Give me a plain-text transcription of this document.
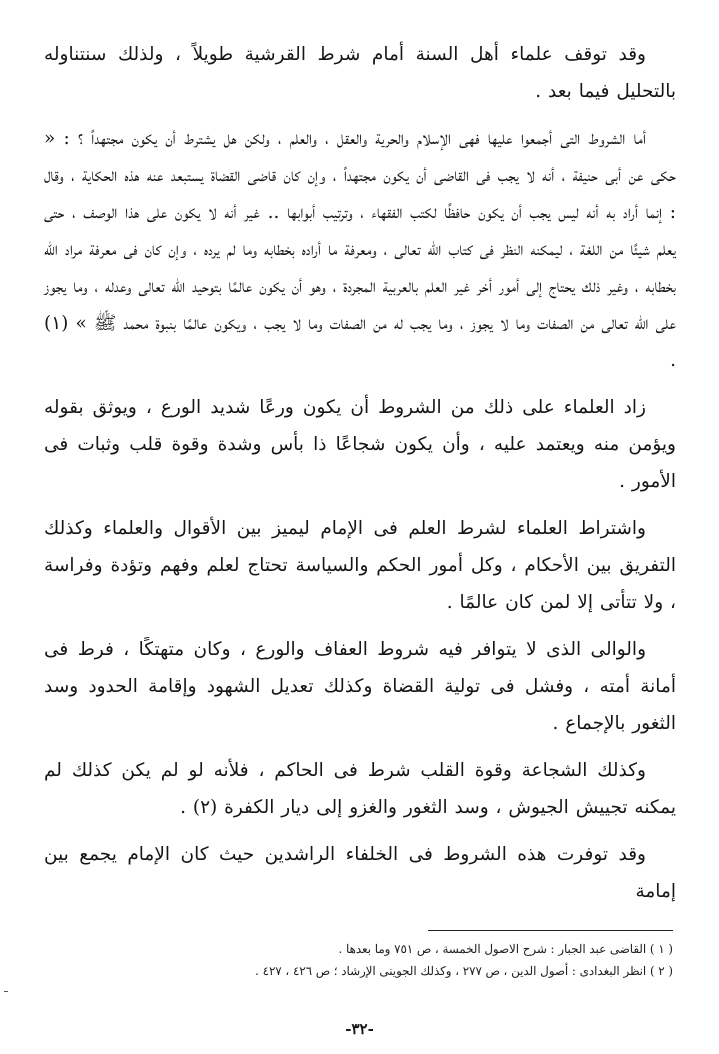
وقد توقف علماء أهل السنة أمام شرط القرشية طويلاً ، ولذلك سنتناوله بالتحليل فيما بعد .

أما الشروط التى أجمعوا عليها فهى الإسلام والحرية والعقل ، والعلم ، ولكن هل يشترط أن يكون مجتهداً ؟ : « حكى عن أبى حنيفة ، أنه لا يجب فى القاضى أن يكون مجتهداً ، وإن كان قاضى القضاة يستبعد عنه هذه الحكاية ، وقال : إنما أراد به أنه ليس يجب أن يكون حافظًا لكتب الفقهاء ، وترتيب أبوابها .. غير أنه لا يكون على هذا الوصف ، حتى يعلم شيئًا من اللغة ، ليمكنه النظر فى كتاب الله تعالى ، ومعرفة ما أراده بخطابه وما لم يرده ، وإن كان فى معرفة مراد الله بخطابه ، وغير ذلك يحتاج إلى أمور أخر غير العلم بالعربية المجردة ، وهو أن يكون عالمًا بتوحيد الله تعالى وعدله ، وما يجوز على الله تعالى من الصفات وما لا يجوز ، وما يجب له من الصفات وما لا يجب ، ويكون عالمًا بنبوة محمد ﷺ » (١) .

زاد العلماء على ذلك من الشروط أن يكون ورعًا شديد الورع ، ويوثق بقوله ويؤمن منه ويعتمد عليه ، وأن يكون شجاعًا ذا بأس وشدة وقوة قلب وثبات فى الأمور .

واشتراط العلماء لشرط العلم فى الإمام ليميز بين الأقوال والعلماء وكذلك التفريق بين الأحكام ، وكل أمور الحكم والسياسة تحتاج لعلم وفهم وتؤدة وفراسة ، ولا تتأتى إلا لمن كان عالمًا .

والوالى الذى لا يتوافر فيه شروط العفاف والورع ، وكان متهتكًا ، فرط فى أمانة أمته ، وفشل فى تولية القضاة وكذلك تعديل الشهود وإقامة الحدود وسد الثغور بالإجماع .

وكذلك الشجاعة وقوة القلب شرط فى الحاكم ، فلأنه لو لم يكن كذلك لم يمكنه تجييش الجيوش ، وسد الثغور والغزو إلى ديار الكفرة (٢) .

وقد توفرت هذه الشروط فى الخلفاء الراشدين حيث كان الإمام يجمع بين إمامة

( ١ ) القاضى عبد الجبار : شرح الاصول الخمسة ، ص ٧٥١ وما بعدها .

( ٢ ) انظر البغدادى : أصول الدين ، ص ٢٧٧ ، وكذلك الجوينى الإرشاد ؛ ص ٤٢٦ ، ٤٢٧ .

-٣٢-
